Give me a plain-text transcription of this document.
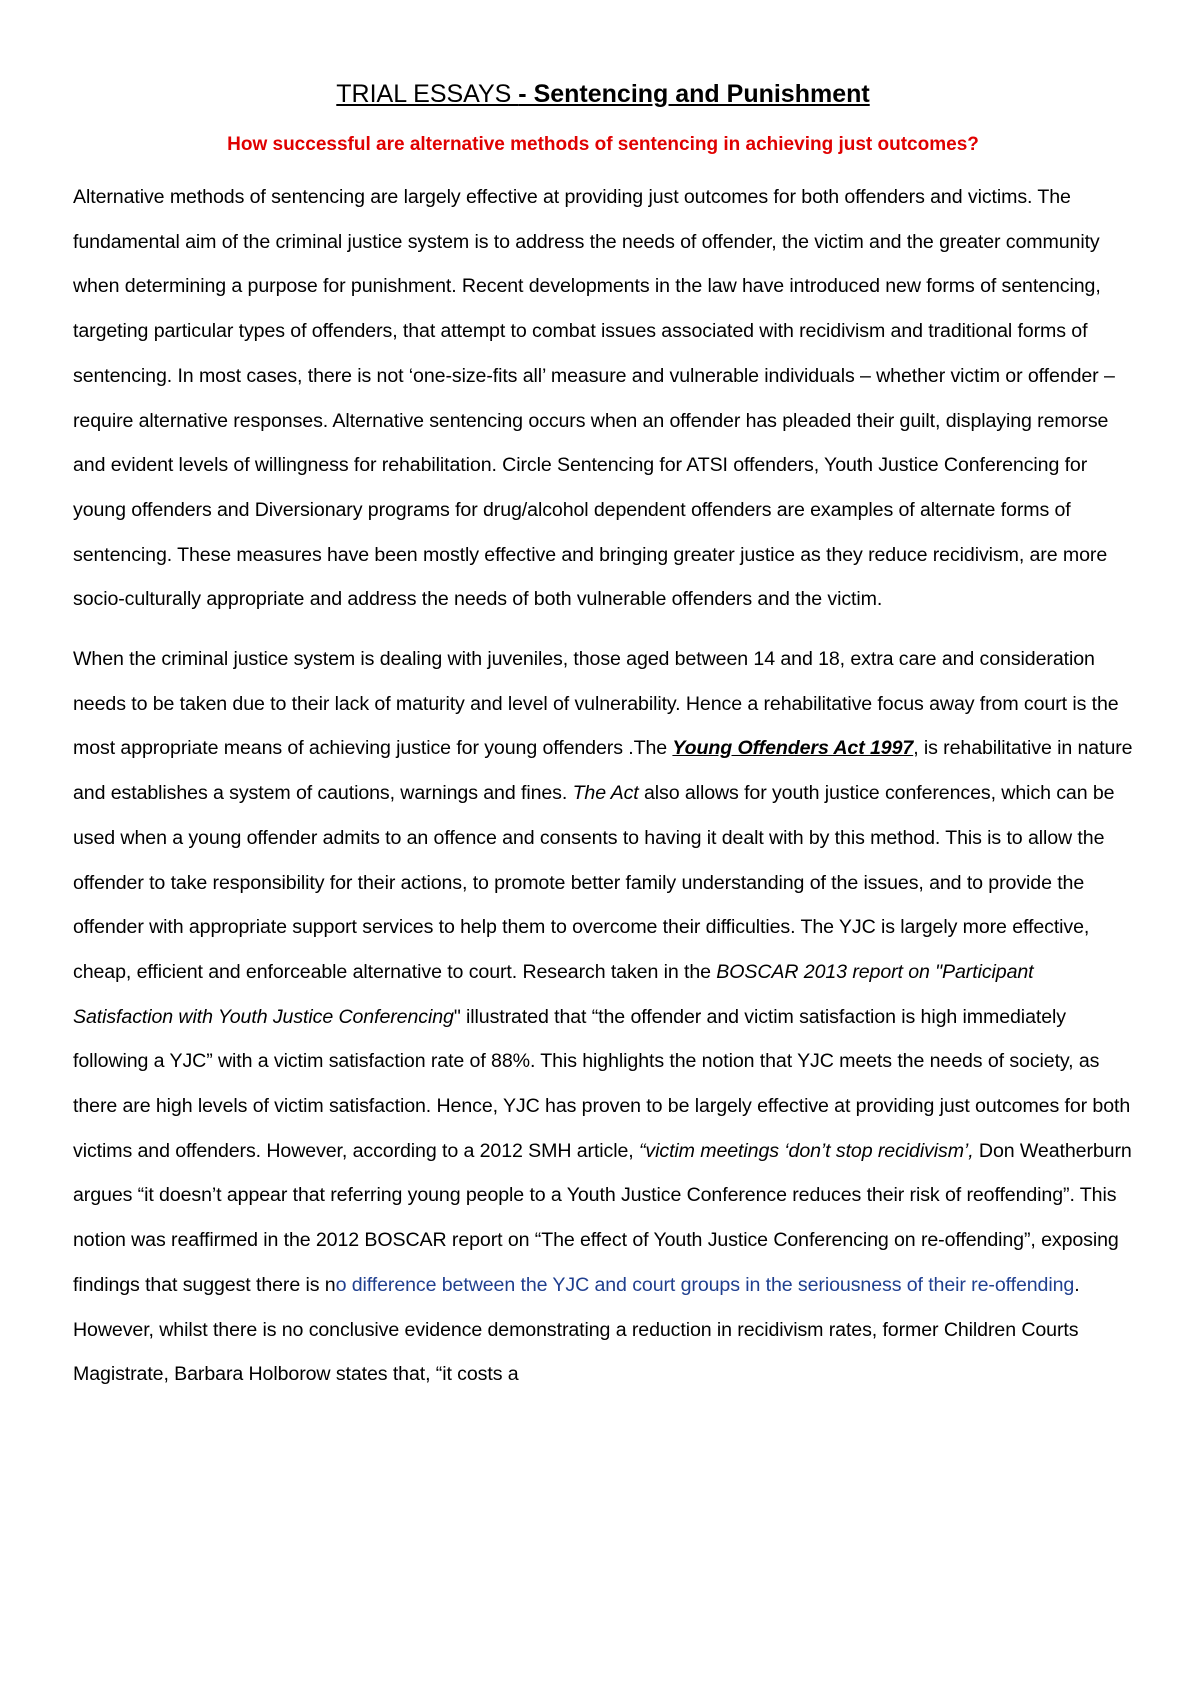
TRIAL ESSAYS - Sentencing and Punishment

How successful are alternative methods of sentencing in achieving just outcomes?

Alternative methods of sentencing are largely effective at providing just outcomes for both offenders and victims. The fundamental aim of the criminal justice system is to address the needs of offender, the victim and the greater community when determining a purpose for punishment. Recent developments in the law have introduced new forms of sentencing, targeting particular types of offenders, that attempt to combat issues associated with recidivism and traditional forms of sentencing. In most cases, there is not ‘one-size-fits all’ measure and vulnerable individuals – whether victim or offender – require alternative responses. Alternative sentencing occurs when an offender has pleaded their guilt, displaying remorse and evident levels of willingness for rehabilitation. Circle Sentencing for ATSI offenders, Youth Justice Conferencing for young offenders and Diversionary programs for drug/alcohol dependent offenders are examples of alternate forms of sentencing. These measures have been mostly effective and bringing greater justice as they reduce recidivism, are more socio-culturally appropriate and address the needs of both vulnerable offenders and the victim.

When the criminal justice system is dealing with juveniles, those aged between 14 and 18, extra care and consideration needs to be taken due to their lack of maturity and level of vulnerability. Hence a rehabilitative focus away from court is the most appropriate means of achieving justice for young offenders .The Young Offenders Act 1997, is rehabilitative in nature and establishes a system of cautions, warnings and fines. The Act also allows for youth justice conferences, which can be used when a young offender admits to an offence and consents to having it dealt with by this method. This is to allow the offender to take responsibility for their actions, to promote better family understanding of the issues, and to provide the offender with appropriate support services to help them to overcome their difficulties. The YJC is largely more effective, cheap, efficient and enforceable alternative to court. Research taken in the BOSCAR 2013 report on "Participant Satisfaction with Youth Justice Conferencing" illustrated that “the offender and victim satisfaction is high immediately following a YJC” with a victim satisfaction rate of 88%. This highlights the notion that YJC meets the needs of society, as there are high levels of victim satisfaction. Hence, YJC has proven to be largely effective at providing just outcomes for both victims and offenders. However, according to a 2012 SMH article, “victim meetings ‘don’t stop recidivism’, Don Weatherburn argues “it doesn’t appear that referring young people to a Youth Justice Conference reduces their risk of reoffending”. This notion was reaffirmed in the 2012 BOSCAR report on “The effect of Youth Justice Conferencing on re-offending”, exposing findings that suggest there is no difference between the YJC and court groups in the seriousness of their re-offending. However, whilst there is no conclusive evidence demonstrating a reduction in recidivism rates, former Children Courts Magistrate, Barbara Holborow states that, “it costs a
